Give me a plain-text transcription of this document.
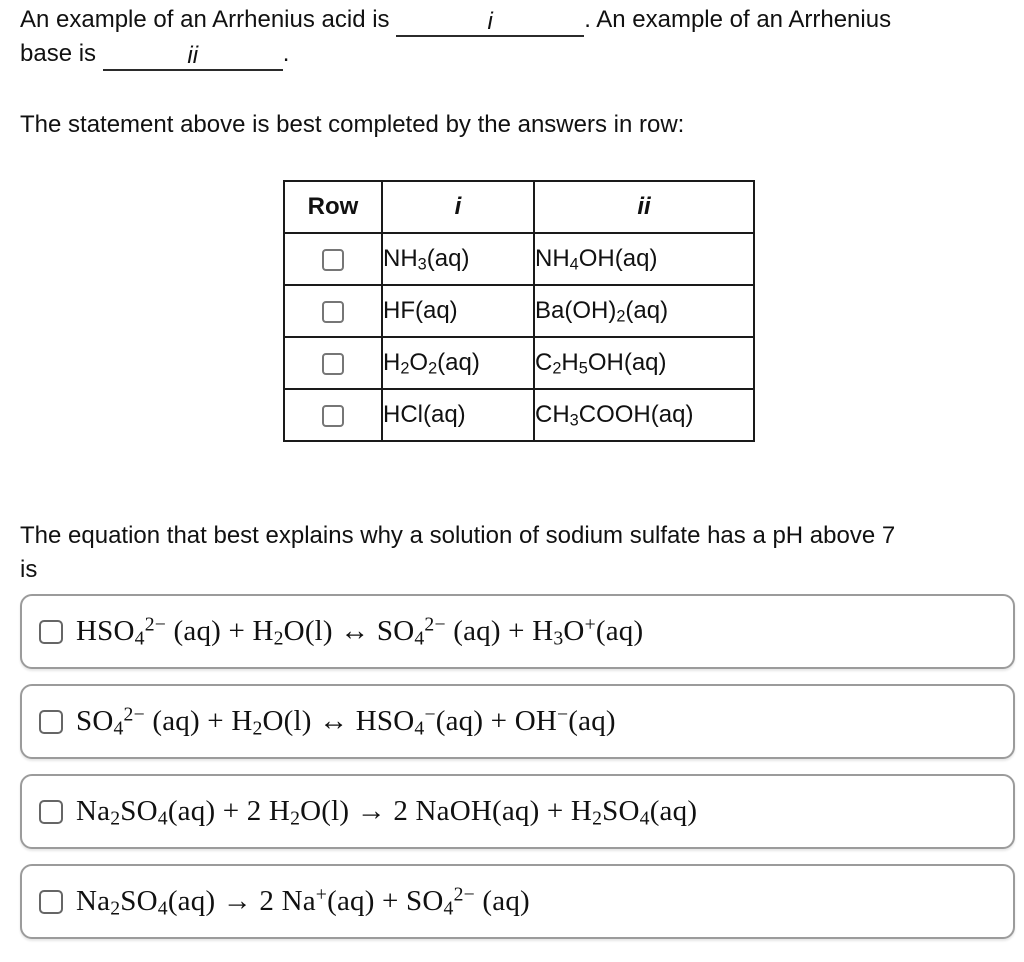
An example of an Arrhenius acid is	i	. An example of an Arrhenius
base is	ii	.
The statement above is best completed by the answers in row:
Row	i	ii
	$NH_3(aq)$	$NH_4OH(aq)$
	HF(aq)	$Ba(OH)_2(aq)$
	$H_2O_2(aq)$	$C_2H_5OH(aq)$
	HCl(aq)	$CH_3COOH(aq)$
The equation that best explains why a solution of sodium sulfate has a pH above 7
is
$HSO_4^{2-}$ $(aq) + H_2O(l)$ ↔ $SO_4^{2-}$ $(aq) + H_3O^+(aq)$
$SO_4^{2-}$ $(aq) + H_2O(l)$ ↔ $HSO_4^-(aq) + OH^-(aq)$
$Na_2SO_4(aq) + 2$ $H_2O(l) \to 2$ NaOH(aq) + $H_2SO_4(aq)$
$Na_2SO_4(aq) \to 2$ $Na^+(aq) + SO_4^{2-}$ (aq)
